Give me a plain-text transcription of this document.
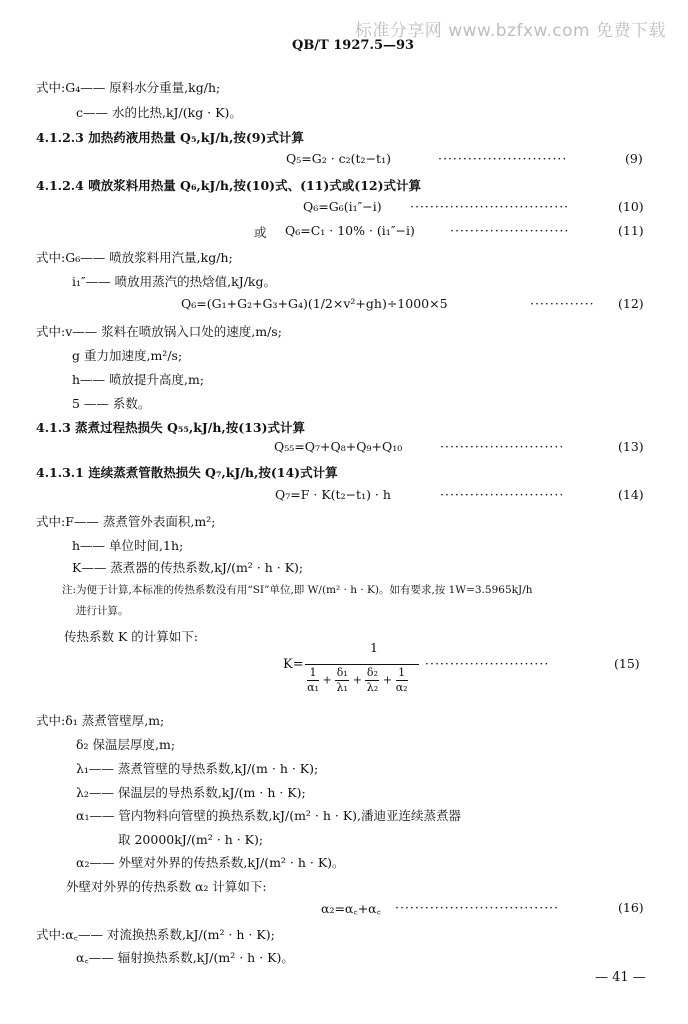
标准分享网 www.bzfxw.com 免费下载
QB/T 1927.5—93
式中:G₄—— 原料水分重量,kg/h;
c—— 水的比热,kJ/(kg · K)。
4.1.2.3 加热药液用热量 Q₅,kJ/h,按(9)式计算
Q₅=G₂ · c₂(t₂−t₁)	··························	(9)
4.1.2.4 喷放浆料用热量 Q₆,kJ/h,按(10)式、(11)式或(12)式计算
Q₆=G₆(i₁″−i) ································	(10)
或 Q₆=C₁ · 10% · (i₁″−i)	························	(11)
式中:G₆—— 喷放浆料用汽量,kg/h;
i₁″—— 喷放用蒸汽的热焓值,kJ/kg。
Q₆=(G₁+G₂+G₃+G₄)(1/2×v²+gh)÷1000×5	············· (12)
式中:v—— 浆料在喷放锅入口处的速度,m/s;
g 重力加速度,m²/s;
h—— 喷放提升高度,m;
5 —— 系数。
4.1.3 蒸煮过程热损失 Q₅₅,kJ/h,按(13)式计算
Q₅₅=Q₇+Q₈+Q₉+Q₁₀	·························	(13)
4.1.3.1 连续蒸煮管散热损失 Q₇,kJ/h,按(14)式计算
Q₇=F · K(t₂−t₁) · h	·························	(14)
式中:F—— 蒸煮管外表面积,m²;
h—— 单位时间,1h;
K—— 蒸煮器的传热系数,kJ/(m² · h · K);
注:为便于计算,本标准的传热系数没有用“SI”单位,即 W/(m² · h · K)。如有要求,按 1W=3.5965kJ/h
进行计算。
传热系数 K 的计算如下:
K=
1
1
α₁ + δ₁
λ₁ + δ₂
λ₂ + 1
α₂
·························	(15)
式中:δ₁ 蒸煮管壁厚,m;
δ₂ 保温层厚度,m;
λ₁—— 蒸煮管壁的导热系数,kJ/(m · h · K);
λ₂—— 保温层的导热系数,kJ/(m · h · K);
α₁—— 管内物料向管壁的换热系数,kJ/(m² · h · K),潘迪亚连续蒸煮器
取 20000kJ/(m² · h · K);
α₂—— 外壁对外界的传热系数,kJ/(m² · h · K)。
外壁对外界的传热系数 α₂ 计算如下:
α₂=α꜀+α꜀ ·································	(16)
式中:α꜀—— 对流换热系数,kJ/(m² · h · K);
α꜀—— 辐射换热系数,kJ/(m² · h · K)。
— 41 —
